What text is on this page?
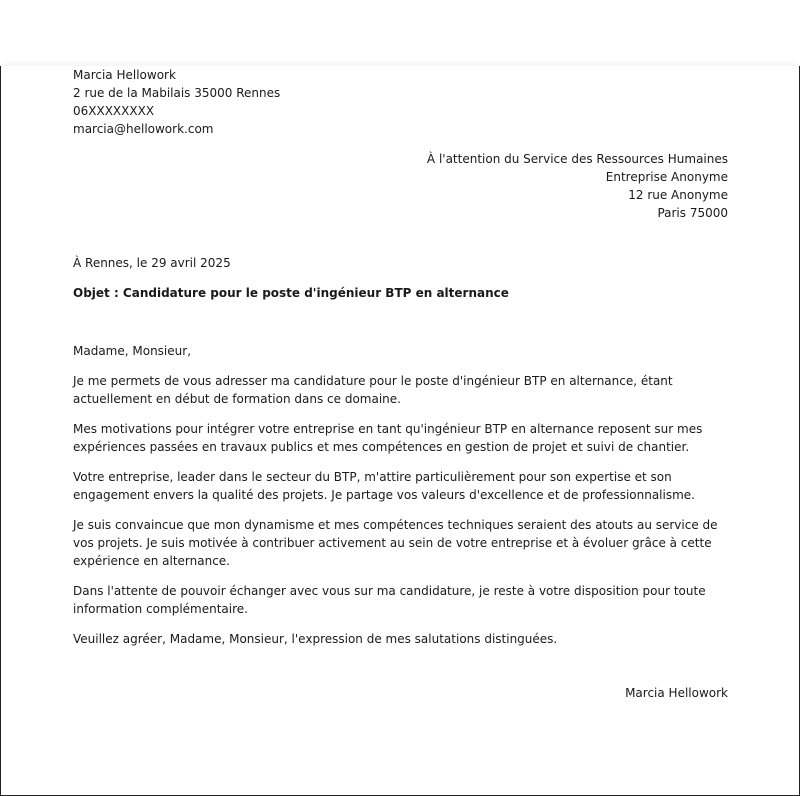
Marcia Hellowork
2 rue de la Mabilais 35000 Rennes
06XXXXXXXX
marcia@hellowork.com
À l'attention du Service des Ressources Humaines
Entreprise Anonyme
12 rue Anonyme
Paris 75000
À Rennes, le 29 avril 2025
Objet : Candidature pour le poste d'ingénieur BTP en alternance
Madame, Monsieur,

Je me permets de vous adresser ma candidature pour le poste d'ingénieur BTP en alternance, étant actuellement en début de formation dans ce domaine.

Mes motivations pour intégrer votre entreprise en tant qu'ingénieur BTP en alternance reposent sur mes expériences passées en travaux publics et mes compétences en gestion de projet et suivi de chantier.

Votre entreprise, leader dans le secteur du BTP, m'attire particulièrement pour son expertise et son engagement envers la qualité des projets. Je partage vos valeurs d'excellence et de professionnalisme.

Je suis convaincue que mon dynamisme et mes compétences techniques seraient des atouts au service de vos projets. Je suis motivée à contribuer activement au sein de votre entreprise et à évoluer grâce à cette expérience en alternance.

Dans l'attente de pouvoir échanger avec vous sur ma candidature, je reste à votre disposition pour toute information complémentaire.

Veuillez agréer, Madame, Monsieur, l'expression de mes salutations distinguées.

Marcia Hellowork
